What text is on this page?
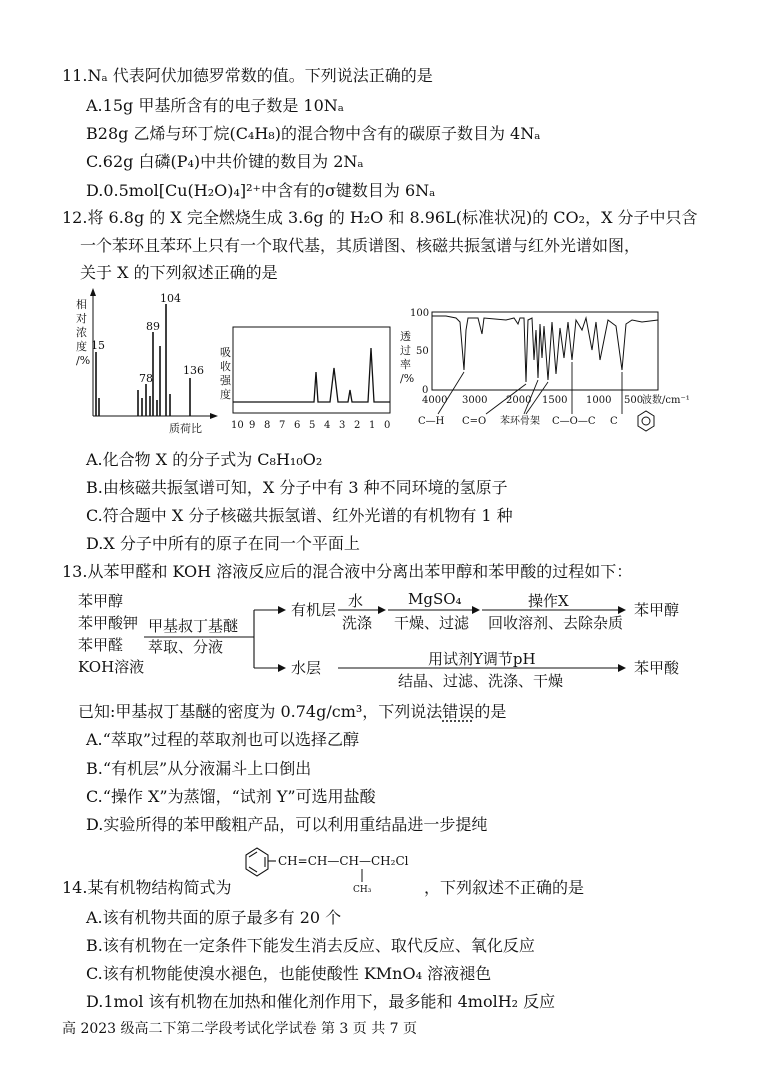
11.Nₐ 代表阿伏加德罗常数的值。下列说法正确的是
A.15g 甲基所含有的电子数是 10Nₐ
B28g 乙烯与环丁烷(C₄H₈)的混合物中含有的碳原子数目为 4Nₐ
C.62g 白磷(P₄)中共价键的数目为 2Nₐ
D.0.5mol[Cu(H₂O)₄]²⁺中含有的σ键数目为 6Nₐ
12.将 6.8g 的 X 完全燃烧生成 3.6g 的 H₂O 和 8.96L(标准状况)的 CO₂，X 分子中只含
一个苯环且苯环上只有一个取代基，其质谱图、核磁共振氢谱与红外光谱如图，
关于 X 的下列叙述正确的是
相
对
浓
度
/%
质荷比
15
78
89
104
136
吸
收
强
度
10 9 8 7 6 5 4 3 2 1 0
透
过
率
/%
100
50
0
4000 3000 2000 1500 1000 500
波数/cm⁻¹
C—H C=O 苯环骨架 C—O—C C
A.化合物 X 的分子式为 C₈H₁₀O₂
B.由核磁共振氢谱可知，X 分子中有 3 种不同环境的氢原子
C.符合题中 X 分子核磁共振氢谱、红外光谱的有机物有 1 种
D.X 分子中所有的原子在同一个平面上
13.从苯甲醛和 KOH 溶液反应后的混合液中分离出苯甲醇和苯甲酸的过程如下：
苯甲醇
苯甲酸钾
苯甲醛
KOH溶液
甲基叔丁基醚
萃取、分液
有机层 水
洗涤
MgSO₄
干燥、过滤
操作X
回收溶剂、去除杂质
苯甲醇
水层	用试剂Y调节pH
结晶、过滤、洗涤、干燥
苯甲酸
已知:甲基叔丁基醚的密度为 0.74g/cm³，下列说法错误的是
A.“萃取”过程的萃取剂也可以选择乙醇
B.“有机层”从分液漏斗上口倒出
C.“操作 X”为蒸馏，“试剂 Y”可选用盐酸
D.实验所得的苯甲酸粗产品，可以利用重结晶进一步提纯
CH=CH—CH—CH₂Cl
CH₃
14.某有机物结构简式为	，下列叙述不正确的是
A.该有机物共面的原子最多有 20 个
B.该有机物在一定条件下能发生消去反应、取代反应、氧化反应
C.该有机物能使溴水褪色，也能使酸性 KMnO₄ 溶液褪色
D.1mol 该有机物在加热和催化剂作用下，最多能和 4molH₂ 反应
高 2023 级高二下第二学段考试化学试卷 第 3 页 共 7 页
